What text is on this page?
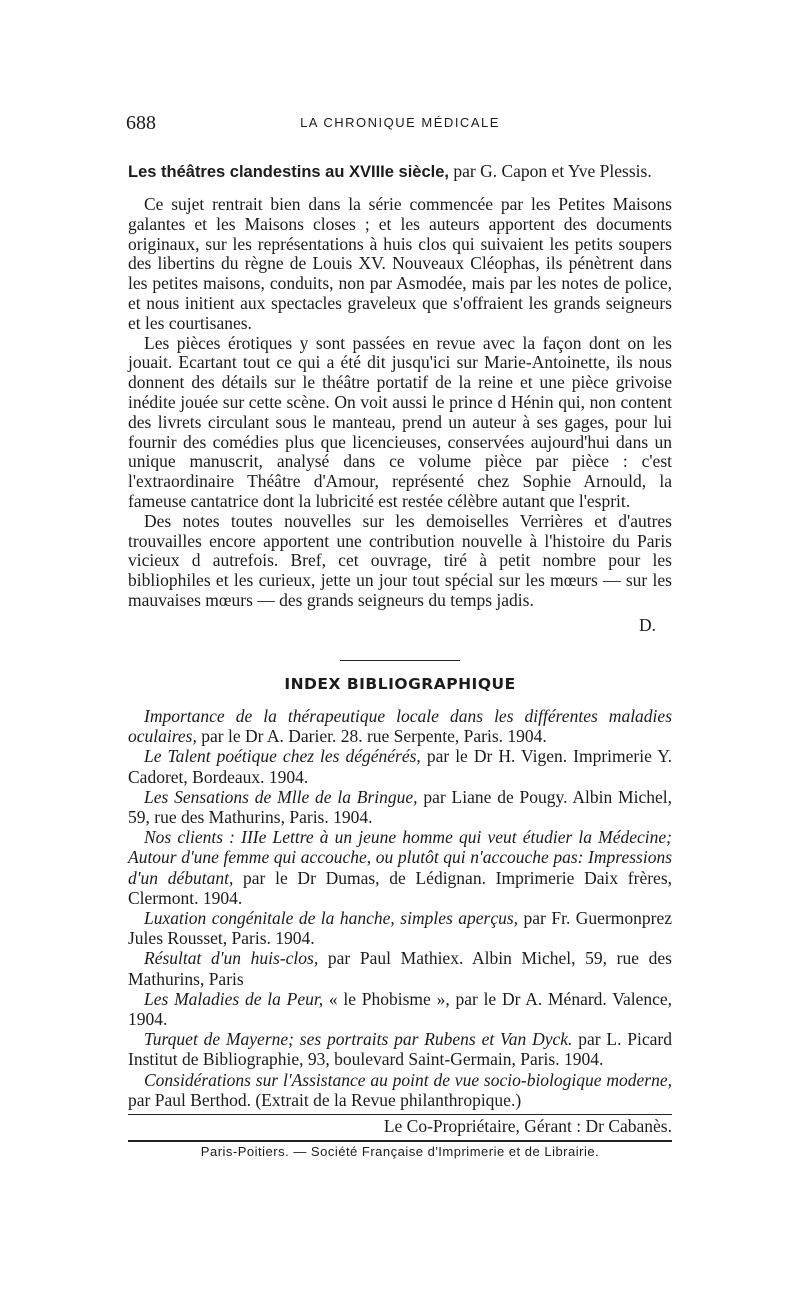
688	LA CHRONIQUE MÉDICALE
Les théâtres clandestins au XVIIIe siècle, par G. Capon et Yve Plessis.

Ce sujet rentrait bien dans la série commencée par les Petites Maisons galantes et les Maisons closes ; et les auteurs apportent des documents originaux, sur les représentations à huis clos qui suivaient les petits soupers des libertins du règne de Louis XV. Nouveaux Cléophas, ils pénètrent dans les petites maisons, conduits, non par Asmodée, mais par les notes de police, et nous initient aux spectacles graveleux que s'offraient les grands seigneurs et les courtisanes.

Les pièces érotiques y sont passées en revue avec la façon dont on les jouait. Ecartant tout ce qui a été dit jusqu'ici sur Marie-Antoinette, ils nous donnent des détails sur le théâtre portatif de la reine et une pièce grivoise inédite jouée sur cette scène. On voit aussi le prince d Hénin qui, non content des livrets circulant sous le manteau, prend un auteur à ses gages, pour lui fournir des comédies plus que licencieuses, conservées aujourd'hui dans un unique manuscrit, analysé dans ce volume pièce par pièce : c'est l'extraordinaire Théâtre d'Amour, représenté chez Sophie Arnould, la fameuse cantatrice dont la lubricité est restée célèbre autant que l'esprit.

Des notes toutes nouvelles sur les demoiselles Verrières et d'autres trouvailles encore apportent une contribution nouvelle à l'histoire du Paris vicieux d autrefois. Bref, cet ouvrage, tiré à petit nombre pour les bibliophiles et les curieux, jette un jour tout spécial sur les mœurs — sur les mauvaises mœurs — des grands seigneurs du temps jadis.

D.
INDEX BIBLIOGRAPHIQUE

Importance de la thérapeutique locale dans les différentes maladies oculaires, par le Dr A. Darier. 28. rue Serpente, Paris. 1904.

Le Talent poétique chez les dégénérés, par le Dr H. Vigen. Imprimerie Y. Cadoret, Bordeaux. 1904.

Les Sensations de Mlle de la Bringue, par Liane de Pougy. Albin Michel, 59, rue des Mathurins, Paris. 1904.

Nos clients : IIIe Lettre à un jeune homme qui veut étudier la Médecine; Autour d'une femme qui accouche, ou plutôt qui n'accouche pas: Impressions d'un débutant, par le Dr Dumas, de Lédignan. Imprimerie Daix frères, Clermont. 1904.

Luxation congénitale de la hanche, simples aperçus, par Fr. Guermonprez Jules Rousset, Paris. 1904.

Résultat d'un huis-clos, par Paul Mathiex. Albin Michel, 59, rue des Mathurins, Paris

Les Maladies de la Peur, « le Phobisme », par le Dr A. Ménard. Valence, 1904.

Turquet de Mayerne; ses portraits par Rubens et Van Dyck. par L. Picard Institut de Bibliographie, 93, boulevard Saint-Germain, Paris. 1904.

Considérations sur l'Assistance au point de vue socio-biologique moderne, par Paul Berthod. (Extrait de la Revue philanthropique.)

Le Co-Propriétaire, Gérant : Dr Cabanès.
Paris-Poitiers. — Société Française d'Imprimerie et de Librairie.
